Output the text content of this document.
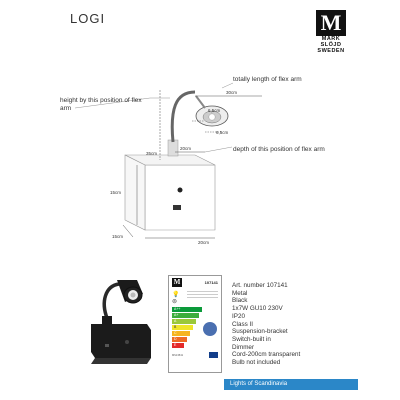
LOGI	M
MARK
SLÖJD
SWEDEN
30cm
6,5cm
6,5cm
20cm
35cm
15cm
15cm
20cm
totally length of flex arm
height by this position of flex arm
depth of this position of flex arm
M	107141
💡
⊚
A++
A+
A
B
C
D
E
MS13541
Art. number 107141
Metal
Black
1x7W GU10 230V
IP20
Class II
Suspension-bracket
Switch-built in
Dimmer
Cord-200cm transparent
Bulb not included
Lights of Scandinavia
